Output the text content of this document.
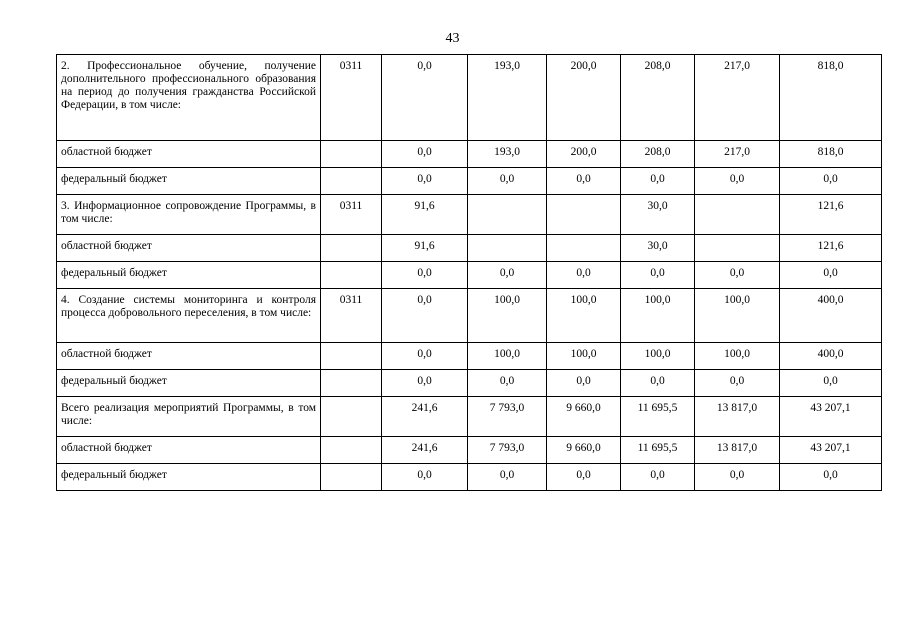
43
2. Профессиональное обучение, получение дополнительного профессионального образования на период до получения гражданства Российской Федерации, в том числе:	0311	0,0	193,0	200,0	208,0	217,0	818,0
областной бюджет		0,0	193,0	200,0	208,0	217,0	818,0
федеральный бюджет		0,0	0,0	0,0	0,0	0,0	0,0
3. Информационное сопровождение Программы, в том числе:	0311	91,6			30,0		121,6
областной бюджет		91,6			30,0		121,6
федеральный бюджет		0,0	0,0	0,0	0,0	0,0	0,0
4. Создание системы мониторинга и контроля процесса добровольного переселения, в том числе:	0311	0,0	100,0	100,0	100,0	100,0	400,0
областной бюджет		0,0	100,0	100,0	100,0	100,0	400,0
федеральный бюджет		0,0	0,0	0,0	0,0	0,0	0,0
Всего реализация мероприятий Программы, в том числе:		241,6	7 793,0	9 660,0	11 695,5	13 817,0	43 207,1
областной бюджет		241,6	7 793,0	9 660,0	11 695,5	13 817,0	43 207,1
федеральный бюджет		0,0	0,0	0,0	0,0	0,0	0,0
